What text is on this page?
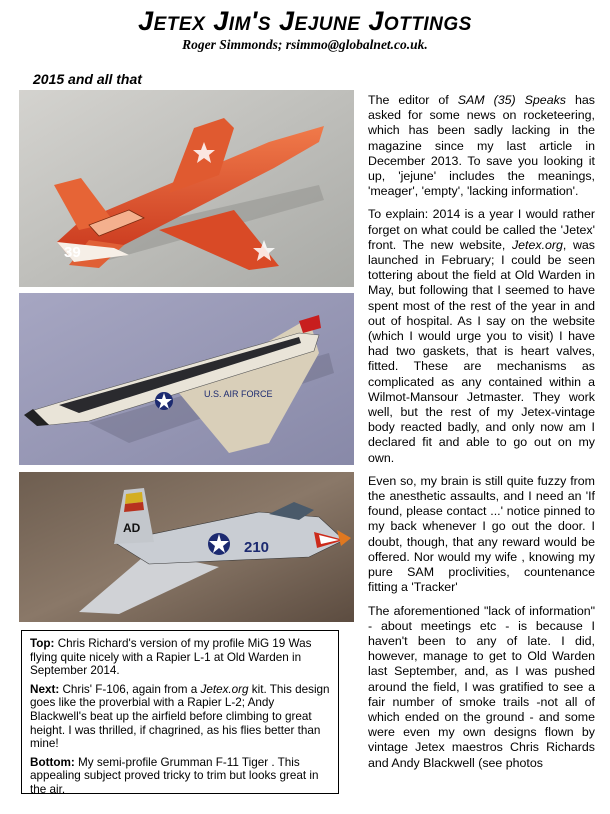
Jetex Jim's Jejune Jottings
Roger Simmonds; rsimmo@globalnet.co.uk.
2015 and all that
39
U.S. AIR FORCE
210
AD

Top: Chris Richard's version of my profile MiG 19 Was flying quite nicely with a Rapier L-1 at Old Warden in September 2014.

Next: Chris' F-106, again from a Jetex.org kit. This design goes like the proverbial with a Rapier L-2; Andy Blackwell's beat up the airfield before climbing to great height. I was thrilled, if chagrined, as his flies better than mine!

Bottom: My semi-profile Grumman F-11 Tiger . This appealing subject proved tricky to trim but looks great in the air.

The editor of SAM (35) Speaks has asked for some news on rocketeering, which has been sadly lacking in the magazine since my last article in December 2013. To save you looking it up, 'jejune' includes the meanings, 'meager', 'empty', 'lacking information'.

To explain: 2014 is a year I would rather forget on what could be called the 'Jetex' front. The new website, Jetex.org, was launched in February; I could be seen tottering about the field at Old Warden in May, but following that I seemed to have spent most of the rest of the year in and out of hospital. As I say on the website (which I would urge you to visit) I have had two gaskets, that is heart valves, fitted. These are mechanisms as complicated as any contained within a Wilmot-Mansour Jetmaster. They work well, but the rest of my Jetex-vintage body reacted badly, and only now am I declared fit and able to go out on my own.

Even so, my brain is still quite fuzzy from the anesthetic assaults, and I need an 'If found, please contact ...' notice pinned to my back whenever I go out the door. I doubt, though, that any reward would be offered. Nor would my wife , knowing my pure SAM proclivities, countenance fitting a 'Tracker'

The aforementioned "lack of information" - about meetings etc - is because I haven't been to any of late. I did, however, manage to get to Old Warden last September, and, as I was pushed around the field, I was gratified to see a fair number of smoke trails -not all of which ended on the ground - and some were even my own designs flown by vintage Jetex maestros Chris Richards and Andy Blackwell (see photos
